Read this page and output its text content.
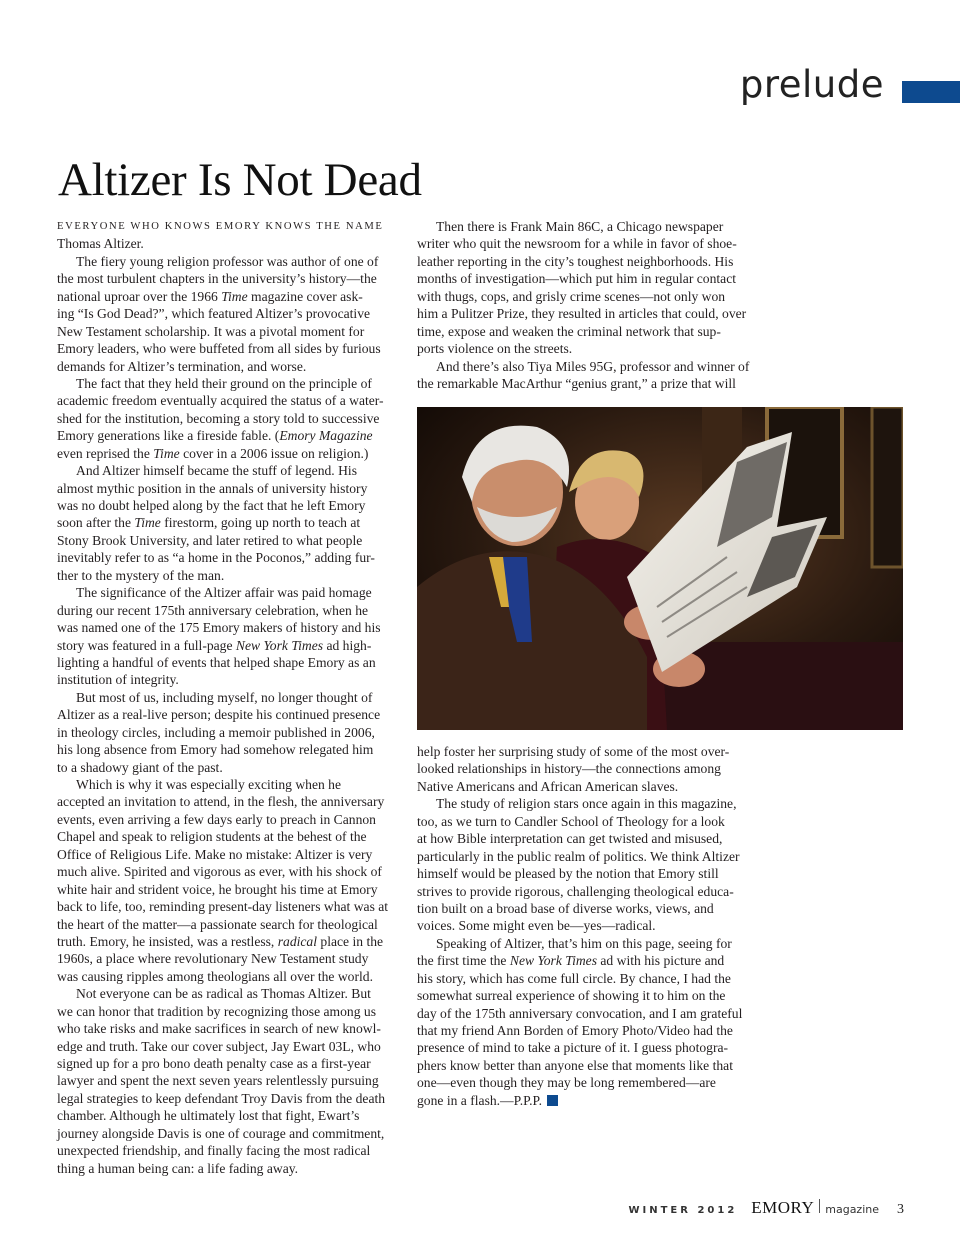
prelude
Altizer Is Not Dead
EVERYONE WHO KNOWS EMORY KNOWS THE NAME
Thomas Altizer.
The fiery young religion professor was author of one of
the most turbulent chapters in the university’s history—the
national uproar over the 1966 Time magazine cover ask-
ing “Is God Dead?”, which featured Altizer’s provocative
New Testament scholarship. It was a pivotal moment for
Emory leaders, who were buffeted from all sides by furious
demands for Altizer’s termination, and worse.
The fact that they held their ground on the principle of
academic freedom eventually acquired the status of a water-
shed for the institution, becoming a story told to successive
Emory generations like a fireside fable. (Emory Magazine
even reprised the Time cover in a 2006 issue on religion.)
And Altizer himself became the stuff of legend. His
almost mythic position in the annals of university history
was no doubt helped along by the fact that he left Emory
soon after the Time firestorm, going up north to teach at
Stony Brook University, and later retired to what people
inevitably refer to as “a home in the Poconos,” adding fur-
ther to the mystery of the man.
The significance of the Altizer affair was paid homage
during our recent 175th anniversary celebration, when he
was named one of the 175 Emory makers of history and his
story was featured in a full-page New York Times ad high-
lighting a handful of events that helped shape Emory as an
institution of integrity.
But most of us, including myself, no longer thought of
Altizer as a real-live person; despite his continued presence
in theology circles, including a memoir published in 2006,
his long absence from Emory had somehow relegated him
to a shadowy giant of the past.
Which is why it was especially exciting when he
accepted an invitation to attend, in the flesh, the anniversary
events, even arriving a few days early to preach in Cannon
Chapel and speak to religion students at the behest of the
Office of Religious Life. Make no mistake: Altizer is very
much alive. Spirited and vigorous as ever, with his shock of
white hair and strident voice, he brought his time at Emory
back to life, too, reminding present-day listeners what was at
the heart of the matter—a passionate search for theological
truth. Emory, he insisted, was a restless, radical place in the
1960s, a place where revolutionary New Testament study
was causing ripples among theologians all over the world.
Not everyone can be as radical as Thomas Altizer. But
we can honor that tradition by recognizing those among us
who take risks and make sacrifices in search of new knowl-
edge and truth. Take our cover subject, Jay Ewart 03L, who
signed up for a pro bono death penalty case as a first-year
lawyer and spent the next seven years relentlessly pursuing
legal strategies to keep defendant Troy Davis from the death
chamber. Although he ultimately lost that fight, Ewart’s
journey alongside Davis is one of courage and commitment,
unexpected friendship, and finally facing the most radical
thing a human being can: a life fading away.
Then there is Frank Main 86C, a Chicago newspaper
writer who quit the newsroom for a while in favor of shoe-
leather reporting in the city’s toughest neighborhoods. His
months of investigation—which put him in regular contact
with thugs, cops, and grisly crime scenes—not only won
him a Pulitzer Prize, they resulted in articles that could, over
time, expose and weaken the criminal network that sup-
ports violence on the streets.
And there’s also Tiya Miles 95G, professor and winner of
the remarkable MacArthur “genius grant,” a prize that will
help foster her surprising study of some of the most over-
looked relationships in history—the connections among
Native Americans and African American slaves.
The study of religion stars once again in this magazine,
too, as we turn to Candler School of Theology for a look
at how Bible interpretation can get twisted and misused,
particularly in the public realm of politics. We think Altizer
himself would be pleased by the notion that Emory still
strives to provide rigorous, challenging theological educa-
tion built on a broad base of diverse works, views, and
voices. Some might even be—yes—radical.
Speaking of Altizer, that’s him on this page, seeing for
the first time the New York Times ad with his picture and
his story, which has come full circle. By chance, I had the
somewhat surreal experience of showing it to him on the
day of the 175th anniversary convocation, and I am grateful
that my friend Ann Borden of Emory Photo/Video had the
presence of mind to take a picture of it. I guess photogra-
phers know better than anyone else that moments like that
one—even though they may be long remembered—are
gone in a flash.—P.P.P.
WINTER 2012 EMORY magazine 3
